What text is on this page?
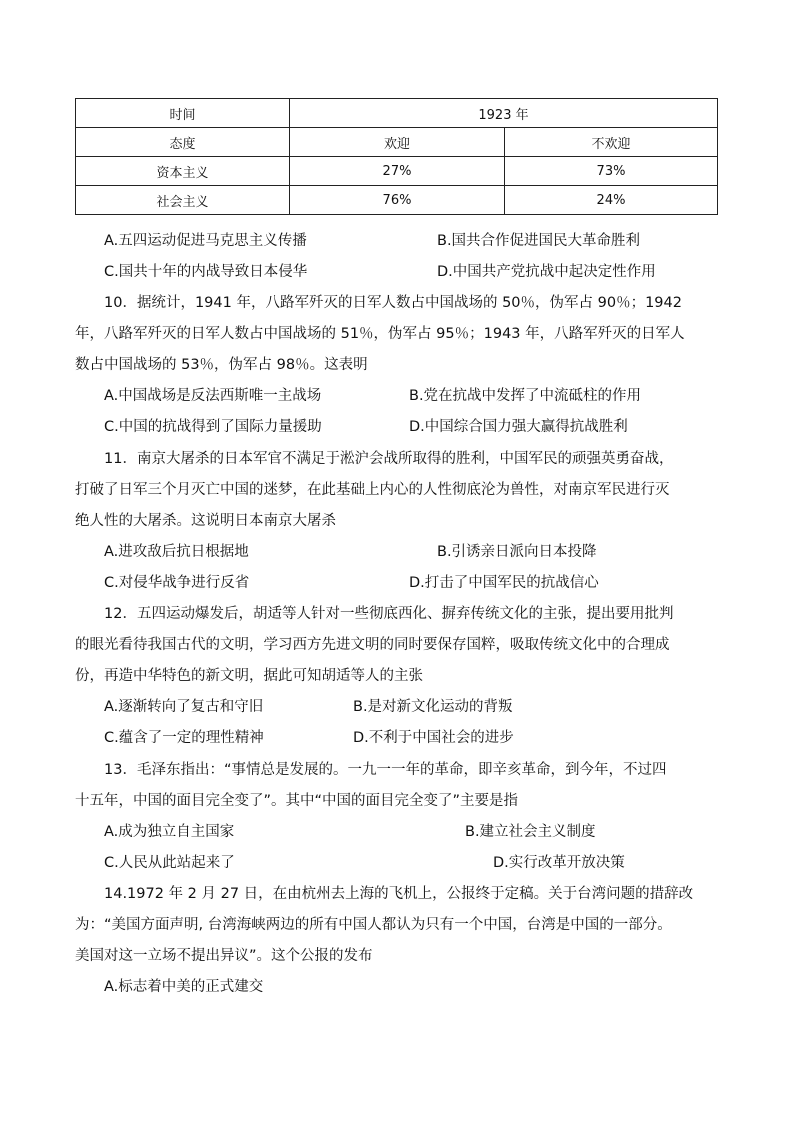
时间	1923 年	
态度	欢迎	不欢迎
资本主义	27%	73%
社会主义	76%	24%
A.五四运动促进马克思主义传播	B.国共合作促进国民大革命胜利
C.国共十年的内战导致日本侵华	D.中国共产党抗战中起决定性作用
10．据统计，1941 年，八路军歼灭的日军人数占中国战场的 50％，伪军占 90％；1942
年，八路军歼灭的日军人数占中国战场的 51％，伪军占 95％；1943 年，八路军歼灭的日军人
数占中国战场的 53％，伪军占 98％。这表明
A.中国战场是反法西斯唯一主战场	B.党在抗战中发挥了中流砥柱的作用
C.中国的抗战得到了国际力量援助	D.中国综合国力强大赢得抗战胜利
11．南京大屠杀的日本军官不满足于淞沪会战所取得的胜利，中国军民的顽强英勇奋战，
打破了日军三个月灭亡中国的迷梦，在此基础上内心的人性彻底沦为兽性，对南京军民进行灭
绝人性的大屠杀。这说明日本南京大屠杀
A.进攻敌后抗日根据地	B.引诱亲日派向日本投降
C.对侵华战争进行反省	D.打击了中国军民的抗战信心
12．五四运动爆发后，胡适等人针对一些彻底西化、摒弃传统文化的主张，提出要用批判
的眼光看待我国古代的文明，学习西方先进文明的同时要保存国粹，吸取传统文化中的合理成
份，再造中华特色的新文明，据此可知胡适等人的主张
A.逐渐转向了复古和守旧	B.是对新文化运动的背叛
C.蕴含了一定的理性精神	D.不利于中国社会的进步
13．毛泽东指出：“事情总是发展的。一九一一年的革命，即辛亥革命，到今年，不过四
十五年，中国的面目完全变了”。其中“中国的面目完全变了”主要是指
A.成为独立自主国家	B.建立社会主义制度
C.人民从此站起来了	D.实行改革开放决策
14.1972 年 2 月 27 日，在由杭州去上海的飞机上，公报终于定稿。关于台湾问题的措辞改
为：“美国方面声明, 台湾海峡两边的所有中国人都认为只有一个中国，台湾是中国的一部分。
美国对这一立场不提出异议”。这个公报的发布
A.标志着中美的正式建交
